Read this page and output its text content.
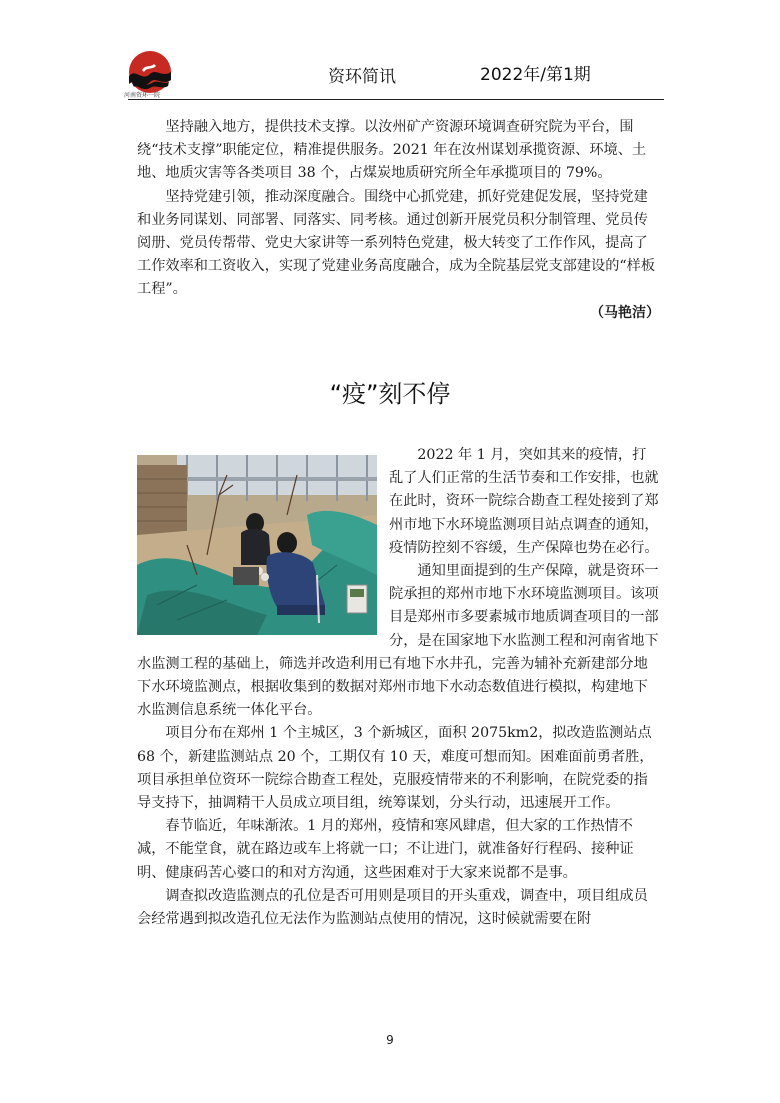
河南资环一院
资环简讯	2022年/第1期

坚持融入地方，提供技术支撑。以汝州矿产资源环境调查研究院为平台，围绕“技术支撑”职能定位，精准提供服务。2021 年在汝州谋划承揽资源、环境、土地、地质灾害等各类项目 38 个，占煤炭地质研究所全年承揽项目的 79%。

坚持党建引领，推动深度融合。围绕中心抓党建，抓好党建促发展，坚持党建和业务同谋划、同部署、同落实、同考核。通过创新开展党员积分制管理、党员传阅册、党员传帮带、党史大家讲等一系列特色党建，极大转变了工作作风，提高了工作效率和工资收入，实现了党建业务高度融合，成为全院基层党支部建设的“样板工程”。

（马艳洁）
“疫”刻不停

2022 年 1 月，突如其来的疫情，打乱了人们正常的生活节奏和工作安排，也就在此时，资环一院综合勘查工程处接到了郑州市地下水环境监测项目站点调查的通知，疫情防控刻不容缓，生产保障也势在必行。

通知里面提到的生产保障，就是资环一院承担的郑州市地下水环境监测项目。该项目是郑州市多要素城市地质调查项目的一部分，是在国家地下水监测工程和河南省地下水监测工程的基础上，筛选并改造利用已有地下水井孔，完善为辅补充新建部分地下水环境监测点，根据收集到的数据对郑州市地下水动态数值进行模拟，构建地下水监测信息系统一体化平台。

项目分布在郑州 1 个主城区，3 个新城区，面积 2075km2，拟改造监测站点 68 个，新建监测站点 20 个，工期仅有 10 天，难度可想而知。困难面前勇者胜，项目承担单位资环一院综合勘查工程处，克服疫情带来的不利影响，在院党委的指导支持下，抽调精干人员成立项目组，统筹谋划，分头行动，迅速展开工作。

春节临近，年味渐浓。1 月的郑州，疫情和寒风肆虐，但大家的工作热情不减，不能堂食，就在路边或车上将就一口；不让进门，就准备好行程码、接种证明、健康码苦心婆口的和对方沟通，这些困难对于大家来说都不是事。

调查拟改造监测点的孔位是否可用则是项目的开头重戏，调查中，项目组成员会经常遇到拟改造孔位无法作为监测站点使用的情况，这时候就需要在附

9
